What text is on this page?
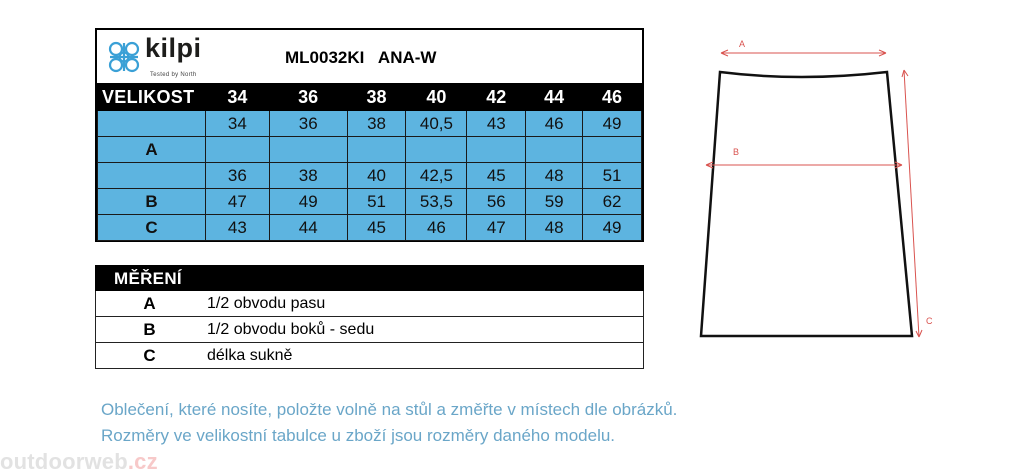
kilpi
Tested by North
ML0032KI ANA-W
VELIKOST	34	36	38	40	42	44	46
	34	36	38	40,5	43	46	49
A							
	36	38	40	42,5	45	48	51
B	47	49	51	53,5	56	59	62
C	43	44	45	46	47	48	49
MĚŘENÍ
A	1/2 obvodu pasu
B	1/2 obvodu boků - sedu
C	délka sukně
A
B
C
Oblečení, které nosíte, položte volně na stůl a změřte v místech dle obrázků.
Rozměry ve velikostní tabulce u zboží jsou rozměry daného modelu.
outdoorweb.cz
